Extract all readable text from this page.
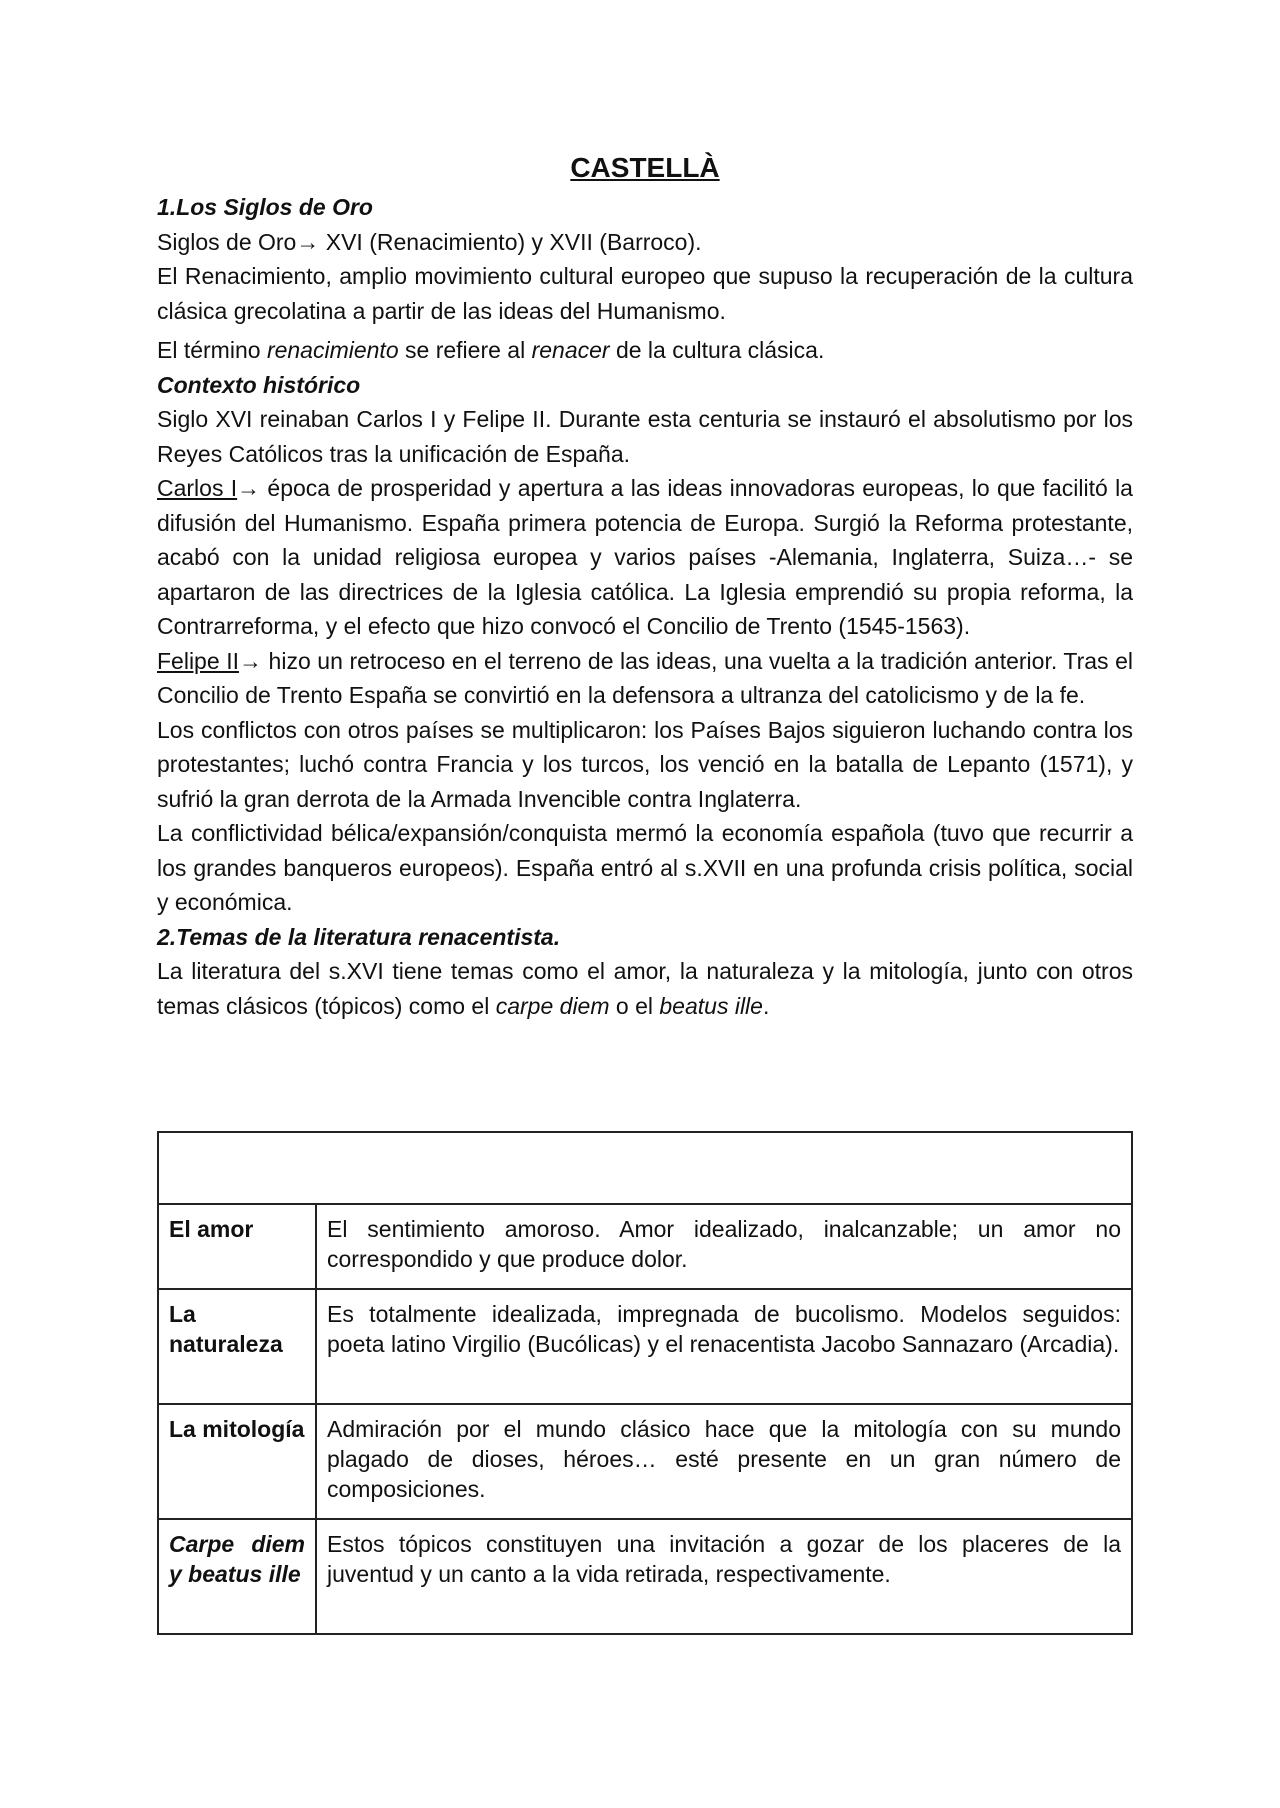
CASTELLÀ

1.Los Siglos de Oro

Siglos de Oro→ XVI (Renacimiento) y XVII (Barroco).

El Renacimiento, amplio movimiento cultural europeo que supuso la recuperación de la cultura clásica grecolatina a partir de las ideas del Humanismo.

El término renacimiento se refiere al renacer de la cultura clásica.

Contexto histórico

Siglo XVI reinaban Carlos I y Felipe II. Durante esta centuria se instauró el absolutismo por los Reyes Católicos tras la unificación de España.

Carlos I→ época de prosperidad y apertura a las ideas innovadoras europeas, lo que facilitó la difusión del Humanismo. España primera potencia de Europa. Surgió la Reforma protestante, acabó con la unidad religiosa europea y varios países -Alemania, Inglaterra, Suiza…- se apartaron de las directrices de la Iglesia católica. La Iglesia emprendió su propia reforma, la Contrarreforma, y el efecto que hizo convocó el Concilio de Trento (1545-1563).

Felipe II→ hizo un retroceso en el terreno de las ideas, una vuelta a la tradición anterior. Tras el Concilio de Trento España se convirtió en la defensora a ultranza del catolicismo y de la fe.

Los conflictos con otros países se multiplicaron: los Países Bajos siguieron luchando contra los protestantes; luchó contra Francia y los turcos, los venció en la batalla de Lepanto (1571), y sufrió la gran derrota de la Armada Invencible contra Inglaterra.

La conflictividad bélica/expansión/conquista mermó la economía española (tuvo que recurrir a los grandes banqueros europeos). España entró al s.XVII en una profunda crisis política, social y económica.

2.Temas de la literatura renacentista.

La literatura del s.XVI tiene temas como el amor, la naturaleza y la mitología, junto con otros temas clásicos (tópicos) como el carpe diem o el beatus ille.

El amor	El sentimiento amoroso. Amor idealizado, inalcanzable; un amor no correspondido y que produce dolor.
La naturaleza	Es totalmente idealizada, impregnada de bucolismo. Modelos seguidos: poeta latino Virgilio (Bucólicas) y el renacentista Jacobo Sannazaro (Arcadia).
La mitología	Admiración por el mundo clásico hace que la mitología con su mundo plagado de dioses, héroes… esté presente en un gran número de composiciones.
Carpe diem y beatus ille	Estos tópicos constituyen una invitación a gozar de los placeres de la juventud y un canto a la vida retirada, respectivamente.
